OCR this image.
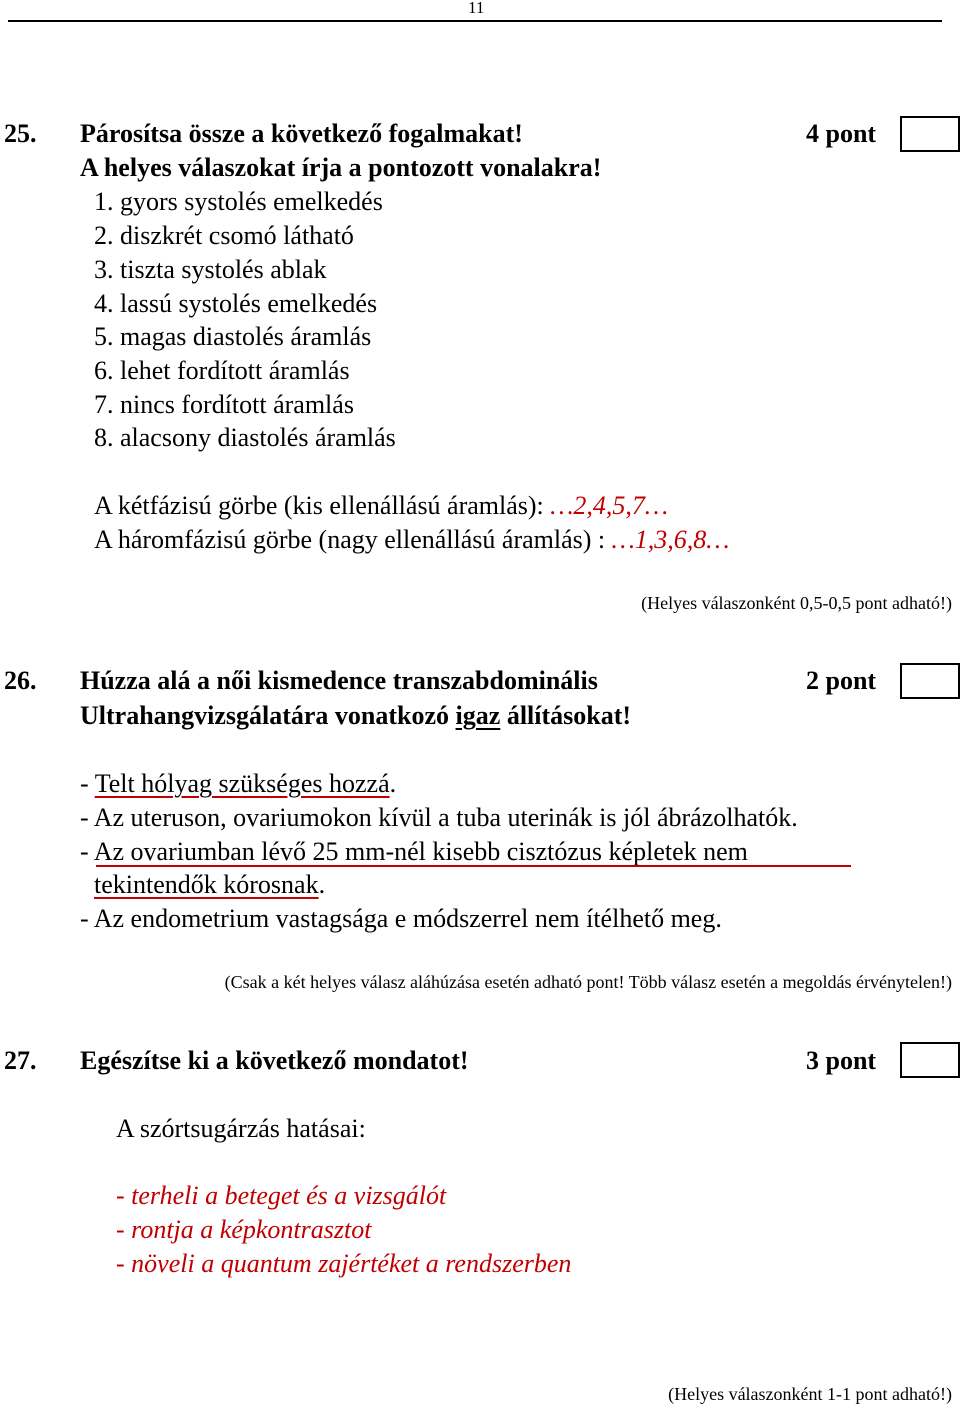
11
25. Párosítsa össze a következő fogalmakat!
A helyes válaszokat írja a pontozott vonalakra!
4 pont
1. gyors systolés emelkedés
2. diszkrét csomó látható
3. tiszta systolés ablak
4. lassú systolés emelkedés
5. magas diastolés áramlás
6. lehet fordított áramlás
7. nincs fordított áramlás
8. alacsony diastolés áramlás
A kétfázisú görbe (kis ellenállású áramlás): …2,4,5,7…
A háromfázisú görbe (nagy ellenállású áramlás) : …1,3,6,8…
(Helyes válaszonként 0,5-0,5 pont adható!)
26. Húzza alá a női kismedence transzabdominális
Ultrahangvizsgálatára vonatkozó igaz állításokat!
2 pont
- Telt hólyag szükséges hozzá.
- Az uteruson, ovariumokon kívül a tuba uterinák is jól ábrázolhatók.
- Az ovariumban lévő 25 mm-nél kisebb cisztózus képletek nem
tekintendők kórosnak.
- Az endometrium vastagsága e módszerrel nem ítélhető meg.
(Csak a két helyes válasz aláhúzása esetén adható pont! Több válasz esetén a megoldás érvénytelen!)
27. Egészítse ki a következő mondatot!	3 pont
A szórtsugárzás hatásai:
- terheli a beteget és a vizsgálót
- rontja a képkontrasztot
- növeli a quantum zajértéket a rendszerben
(Helyes válaszonként 1-1 pont adható!)
